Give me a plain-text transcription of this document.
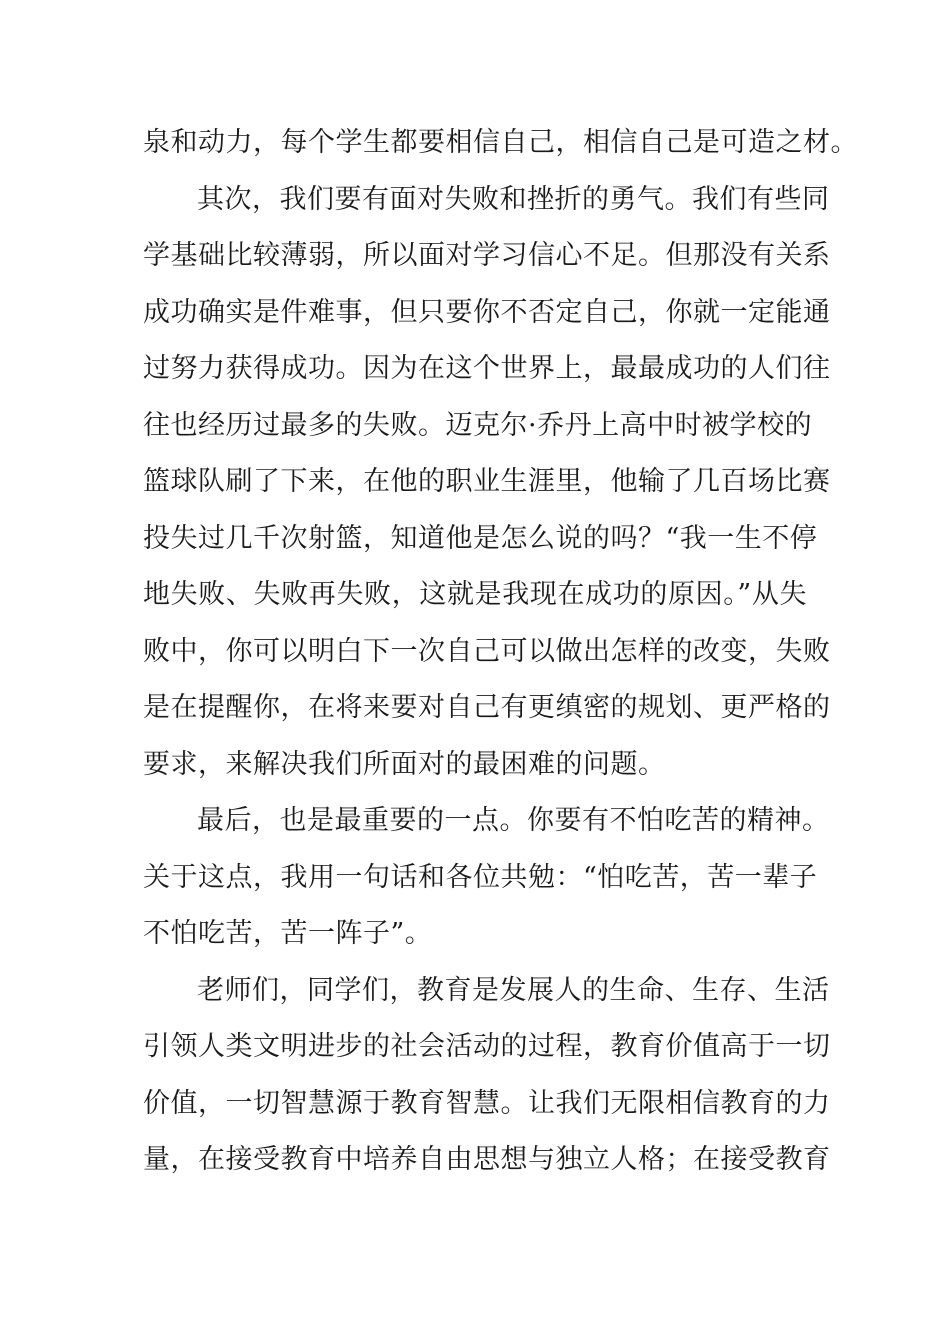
泉和动力，每个学生都要相信自己，相信自己是可造之材。
其次，我们要有面对失败和挫折的勇气。我们有些同
学基础比较薄弱，所以面对学习信心不足。但那没有关系
成功确实是件难事，但只要你不否定自己，你就一定能通
过努力获得成功。因为在这个世界上，最最成功的人们往
往也经历过最多的失败。迈克尔·乔丹上高中时被学校的
篮球队刷了下来，在他的职业生涯里，他输了几百场比赛
投失过几千次射篮，知道他是怎么说的吗？“我一生不停
地失败、失败再失败，这就是我现在成功的原因。”从失
败中，你可以明白下一次自己可以做出怎样的改变，失败
是在提醒你，在将来要对自己有更缜密的规划、更严格的
要求，来解决我们所面对的最困难的问题。
最后，也是最重要的一点。你要有不怕吃苦的精神。
关于这点，我用一句话和各位共勉：“怕吃苦，苦一辈子
不怕吃苦，苦一阵子”。
老师们，同学们，教育是发展人的生命、生存、生活
引领人类文明进步的社会活动的过程，教育价值高于一切
价值，一切智慧源于教育智慧。让我们无限相信教育的力
量，在接受教育中培养自由思想与独立人格；在接受教育
